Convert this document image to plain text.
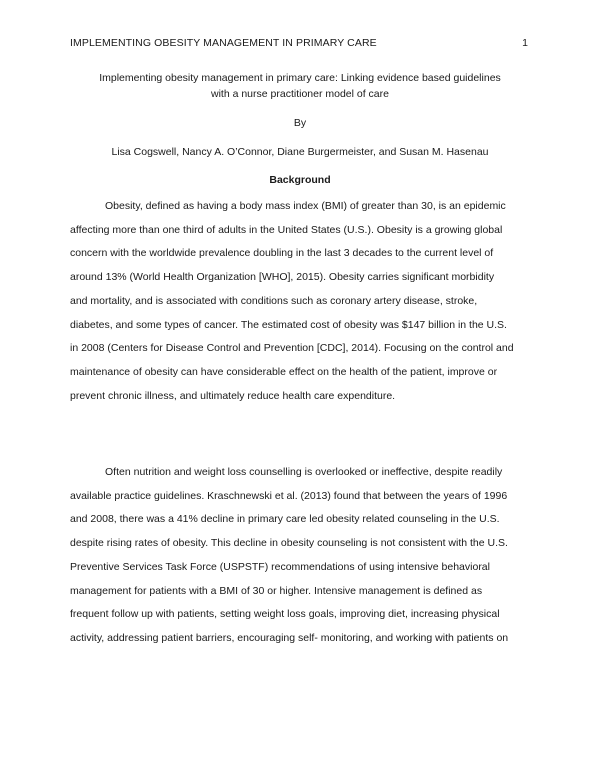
IMPLEMENTING OBESITY MANAGEMENT IN PRIMARY CARE	1
Implementing obesity management in primary care: Linking evidence based guidelines
with a nurse practitioner model of care
By
Lisa Cogswell, Nancy A. O’Connor, Diane Burgermeister, and Susan M. Hasenau
Background

Obesity, defined as having a body mass index (BMI) of greater than 30, is an epidemic
affecting more than one third of adults in the United States (U.S.). Obesity is a growing global
concern with the worldwide prevalence doubling in the last 3 decades to the current level of
around 13% (World Health Organization [WHO], 2015). Obesity carries significant morbidity
and mortality, and is associated with conditions such as coronary artery disease, stroke,
diabetes, and some types of cancer. The estimated cost of obesity was $147 billion in the U.S.
in 2008 (Centers for Disease Control and Prevention [CDC], 2014). Focusing on the control and
maintenance of obesity can have considerable effect on the health of the patient, improve or
prevent chronic illness, and ultimately reduce health care expenditure.

Often nutrition and weight loss counselling is overlooked or ineffective, despite readily
available practice guidelines. Kraschnewski et al. (2013) found that between the years of 1996
and 2008, there was a 41% decline in primary care led obesity related counseling in the U.S.
despite rising rates of obesity. This decline in obesity counseling is not consistent with the U.S.
Preventive Services Task Force (USPSTF) recommendations of using intensive behavioral
management for patients with a BMI of 30 or higher. Intensive management is defined as
frequent follow up with patients, setting weight loss goals, improving diet, increasing physical
activity, addressing patient barriers, encouraging self- monitoring, and working with patients on
